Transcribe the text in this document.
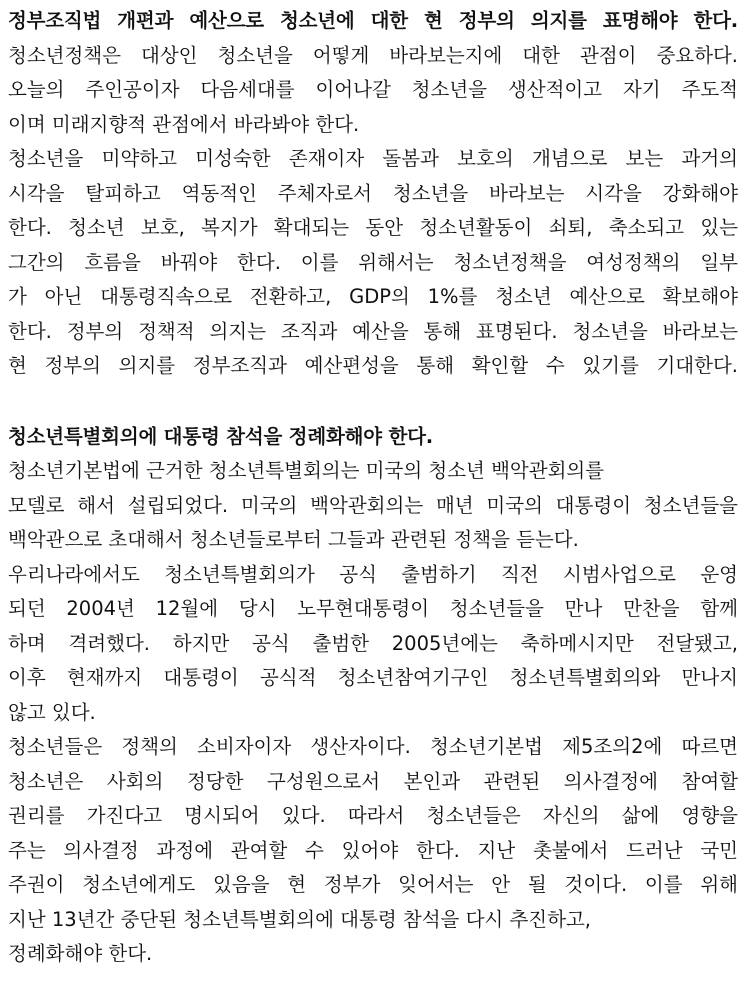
정부조직법 개편과 예산으로 청소년에 대한 현 정부의 의지를 표명해야 한다.
청소년정책은 대상인 청소년을 어떻게 바라보는지에 대한 관점이 중요하다.
오늘의 주인공이자 다음세대를 이어나갈 청소년을 생산적이고 자기 주도적
이며 미래지향적 관점에서 바라봐야 한다.
청소년을 미약하고 미성숙한 존재이자 돌봄과 보호의 개념으로 보는 과거의
시각을 탈피하고 역동적인 주체자로서 청소년을 바라보는 시각을 강화해야
한다. 청소년 보호, 복지가 확대되는 동안 청소년활동이 쇠퇴, 축소되고 있는
그간의 흐름을 바꿔야 한다. 이를 위해서는 청소년정책을 여성정책의 일부
가 아닌 대통령직속으로 전환하고, GDP의 1%를 청소년 예산으로 확보해야
한다. 정부의 정책적 의지는 조직과 예산을 통해 표명된다. 청소년을 바라보는
현 정부의 의지를 정부조직과 예산편성을 통해 확인할 수 있기를 기대한다.
청소년특별회의에 대통령 참석을 정례화해야 한다.
청소년기본법에 근거한 청소년특별회의는 미국의 청소년 백악관회의를
모델로 해서 설립되었다. 미국의 백악관회의는 매년 미국의 대통령이 청소년들을
백악관으로 초대해서 청소년들로부터 그들과 관련된 정책을 듣는다.
우리나라에서도 청소년특별회의가 공식 출범하기 직전 시범사업으로 운영
되던 2004년 12월에 당시 노무현대통령이 청소년들을 만나 만찬을 함께
하며 격려했다. 하지만 공식 출범한 2005년에는 축하메시지만 전달됐고,
이후 현재까지 대통령이 공식적 청소년참여기구인 청소년특별회의와 만나지
않고 있다.
청소년들은 정책의 소비자이자 생산자이다. 청소년기본법 제5조의2에 따르면
청소년은 사회의 정당한 구성원으로서 본인과 관련된 의사결정에 참여할
권리를 가진다고 명시되어 있다. 따라서 청소년들은 자신의 삶에 영향을
주는 의사결정 과정에 관여할 수 있어야 한다. 지난 촛불에서 드러난 국민
주권이 청소년에게도 있음을 현 정부가 잊어서는 안 될 것이다. 이를 위해
지난 13년간 중단된 청소년특별회의에 대통령 참석을 다시 추진하고,
정례화해야 한다.
